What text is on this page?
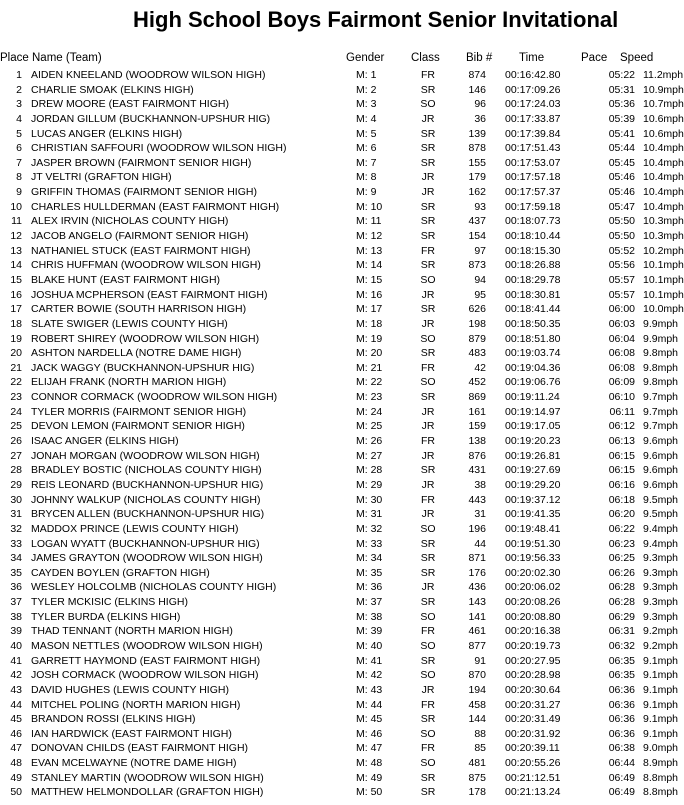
High School Boys Fairmont Senior Invitational
Place Name (Team)	Gender Class Bib # Time	Pace Speed
1 AIDEN KNEELAND (WOODROW WILSON HIGH)	M: 1	FR	874 00:16:42.80	05:22 11.2mph
2 CHARLIE SMOAK (ELKINS HIGH)	M: 2	SR	146 00:17:09.26	05:31 10.9mph
3 DREW MOORE (EAST FAIRMONT HIGH)	M: 3	SO	96 00:17:24.03	05:36 10.7mph
4 JORDAN GILLUM (BUCKHANNON-UPSHUR HIG)	M: 4	JR	36 00:17:33.87	05:39 10.6mph
5 LUCAS ANGER (ELKINS HIGH)	M: 5	SR	139 00:17:39.84	05:41 10.6mph
6 CHRISTIAN SAFFOURI (WOODROW WILSON HIGH)	M: 6	SR	878 00:17:51.43	05:44 10.4mph
7 JASPER BROWN (FAIRMONT SENIOR HIGH)	M: 7	SR	155 00:17:53.07	05:45 10.4mph
8 JT VELTRI (GRAFTON HIGH)	M: 8	JR	179 00:17:57.18	05:46 10.4mph
9 GRIFFIN THOMAS (FAIRMONT SENIOR HIGH)	M: 9	JR	162 00:17:57.37	05:46 10.4mph
10 CHARLES HULLDERMAN (EAST FAIRMONT HIGH)	M: 10	SR	93 00:17:59.18	05:47 10.4mph
11 ALEX IRVIN (NICHOLAS COUNTY HIGH)	M: 11	SR	437 00:18:07.73	05:50 10.3mph
12 JACOB ANGELO (FAIRMONT SENIOR HIGH)	M: 12	SR	154 00:18:10.44	05:50 10.3mph
13 NATHANIEL STUCK (EAST FAIRMONT HIGH)	M: 13	FR	97 00:18:15.30	05:52 10.2mph
14 CHRIS HUFFMAN (WOODROW WILSON HIGH)	M: 14	SR	873 00:18:26.88	05:56 10.1mph
15 BLAKE HUNT (EAST FAIRMONT HIGH)	M: 15	SO	94 00:18:29.78	05:57 10.1mph
16 JOSHUA MCPHERSON (EAST FAIRMONT HIGH)	M: 16	JR	95 00:18:30.81	05:57 10.1mph
17 CARTER BOWIE (SOUTH HARRISON HIGH)	M: 17	SR	626 00:18:41.44	06:00 10.0mph
18 SLATE SWIGER (LEWIS COUNTY HIGH)	M: 18	JR	198 00:18:50.35	06:03 9.9mph
19 ROBERT SHIREY (WOODROW WILSON HIGH)	M: 19	SO	879 00:18:51.80	06:04 9.9mph
20 ASHTON NARDELLA (NOTRE DAME HIGH)	M: 20	SR	483 00:19:03.74	06:08 9.8mph
21 JACK WAGGY (BUCKHANNON-UPSHUR HIG)	M: 21	FR	42 00:19:04.36	06:08 9.8mph
22 ELIJAH FRANK (NORTH MARION HIGH)	M: 22	SO	452 00:19:06.76	06:09 9.8mph
23 CONNOR CORMACK (WOODROW WILSON HIGH)	M: 23	SR	869 00:19:11.24	06:10 9.7mph
24 TYLER MORRIS (FAIRMONT SENIOR HIGH)	M: 24	JR	161 00:19:14.97	06:11 9.7mph
25 DEVON LEMON (FAIRMONT SENIOR HIGH)	M: 25	JR	159 00:19:17.05	06:12 9.7mph
26 ISAAC ANGER (ELKINS HIGH)	M: 26	FR	138 00:19:20.23	06:13 9.6mph
27 JONAH MORGAN (WOODROW WILSON HIGH)	M: 27	JR	876 00:19:26.81	06:15 9.6mph
28 BRADLEY BOSTIC (NICHOLAS COUNTY HIGH)	M: 28	SR	431 00:19:27.69	06:15 9.6mph
29 REIS LEONARD (BUCKHANNON-UPSHUR HIG)	M: 29	JR	38 00:19:29.20	06:16 9.6mph
30 JOHNNY WALKUP (NICHOLAS COUNTY HIGH)	M: 30	FR	443 00:19:37.12	06:18 9.5mph
31 BRYCEN ALLEN (BUCKHANNON-UPSHUR HIG)	M: 31	JR	31 00:19:41.35	06:20 9.5mph
32 MADDOX PRINCE (LEWIS COUNTY HIGH)	M: 32	SO	196 00:19:48.41	06:22 9.4mph
33 LOGAN WYATT (BUCKHANNON-UPSHUR HIG)	M: 33	SR	44 00:19:51.30	06:23 9.4mph
34 JAMES GRAYTON (WOODROW WILSON HIGH)	M: 34	SR	871 00:19:56.33	06:25 9.3mph
35 CAYDEN BOYLEN (GRAFTON HIGH)	M: 35	SR	176 00:20:02.30	06:26 9.3mph
36 WESLEY HOLCOLMB (NICHOLAS COUNTY HIGH)	M: 36	JR	436 00:20:06.02	06:28 9.3mph
37 TYLER MCKISIC (ELKINS HIGH)	M: 37	SR	143 00:20:08.26	06:28 9.3mph
38 TYLER BURDA (ELKINS HIGH)	M: 38	SO	141 00:20:08.80	06:29 9.3mph
39 THAD TENNANT (NORTH MARION HIGH)	M: 39	FR	461 00:20:16.38	06:31 9.2mph
40 MASON NETTLES (WOODROW WILSON HIGH)	M: 40	SO	877 00:20:19.73	06:32 9.2mph
41 GARRETT HAYMOND (EAST FAIRMONT HIGH)	M: 41	SR	91 00:20:27.95	06:35 9.1mph
42 JOSH CORMACK (WOODROW WILSON HIGH)	M: 42	SO	870 00:20:28.98	06:35 9.1mph
43 DAVID HUGHES (LEWIS COUNTY HIGH)	M: 43	JR	194 00:20:30.64	06:36 9.1mph
44 MITCHEL POLING (NORTH MARION HIGH)	M: 44	FR	458 00:20:31.27	06:36 9.1mph
45 BRANDON ROSSI (ELKINS HIGH)	M: 45	SR	144 00:20:31.49	06:36 9.1mph
46 IAN HARDWICK (EAST FAIRMONT HIGH)	M: 46	SO	88 00:20:31.92	06:36 9.1mph
47 DONOVAN CHILDS (EAST FAIRMONT HIGH)	M: 47	FR	85 00:20:39.11	06:38 9.0mph
48 EVAN MCELWAYNE (NOTRE DAME HIGH)	M: 48	SO	481 00:20:55.26	06:44 8.9mph
49 STANLEY MARTIN (WOODROW WILSON HIGH)	M: 49	SR	875 00:21:12.51	06:49 8.8mph
50 MATTHEW HELMONDOLLAR (GRAFTON HIGH)	M: 50	SR	178 00:21:13.24	06:49 8.8mph
